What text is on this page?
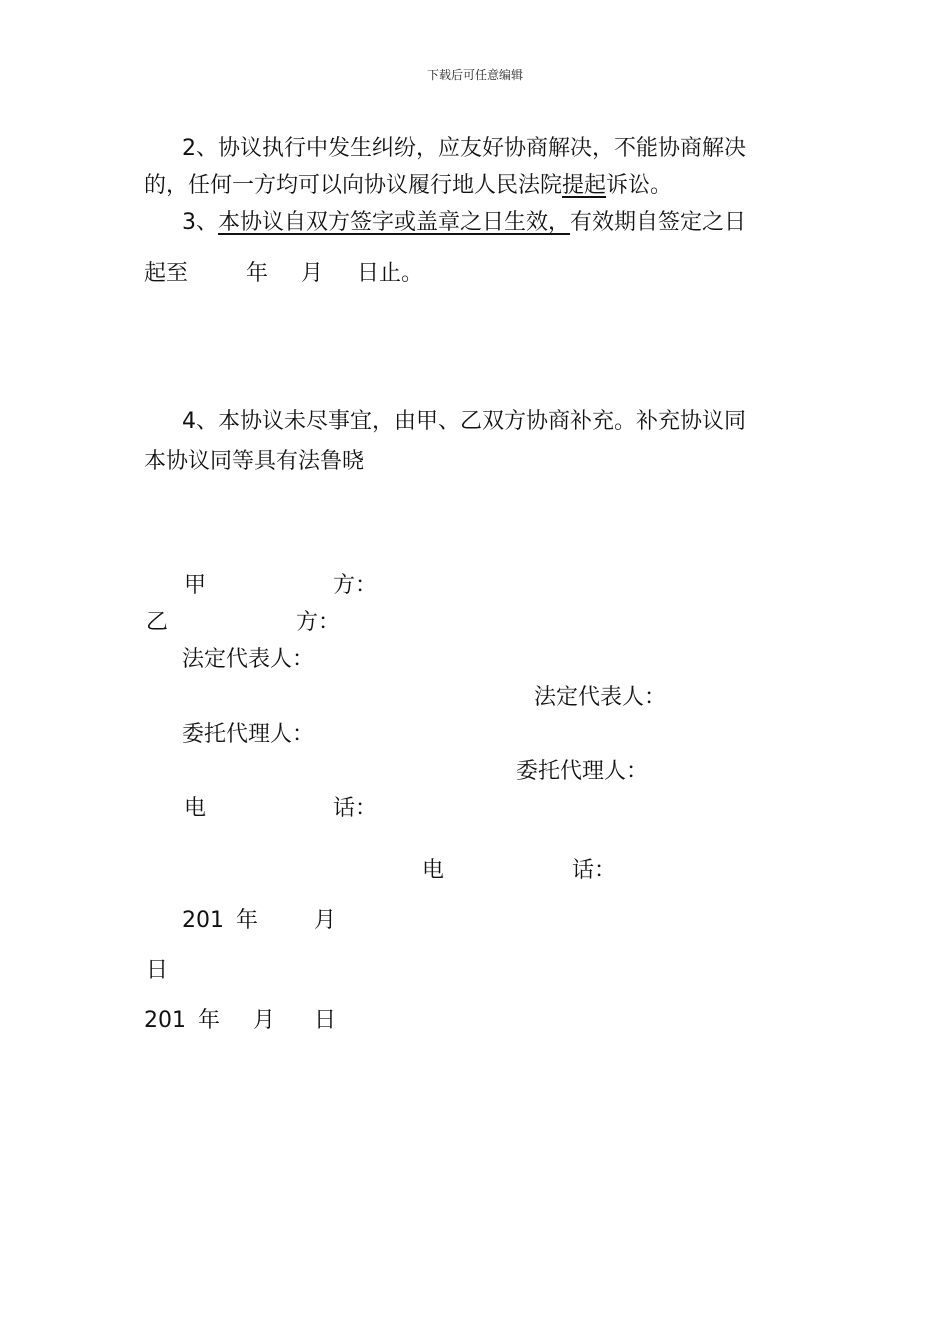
下载后可任意编辑
2、协议执行中发生纠纷，应友好协商解决，不能协商解决
的，任何一方均可以向协议履行地人民法院提起诉讼。
3、本协议自双方签字或盖章之日生效，有效期自签定之日
起至	年 月 日止。
4、本协议未尽事宜，由甲、乙双方协商补充。补充协议同
本协议同等具有法鲁晓
甲	方：
乙	方：
法定代表人：
法定代表人：
委托代理人：
委托代理人：
电	话：
电	话：
201 年	月
日
201 年 月 日
